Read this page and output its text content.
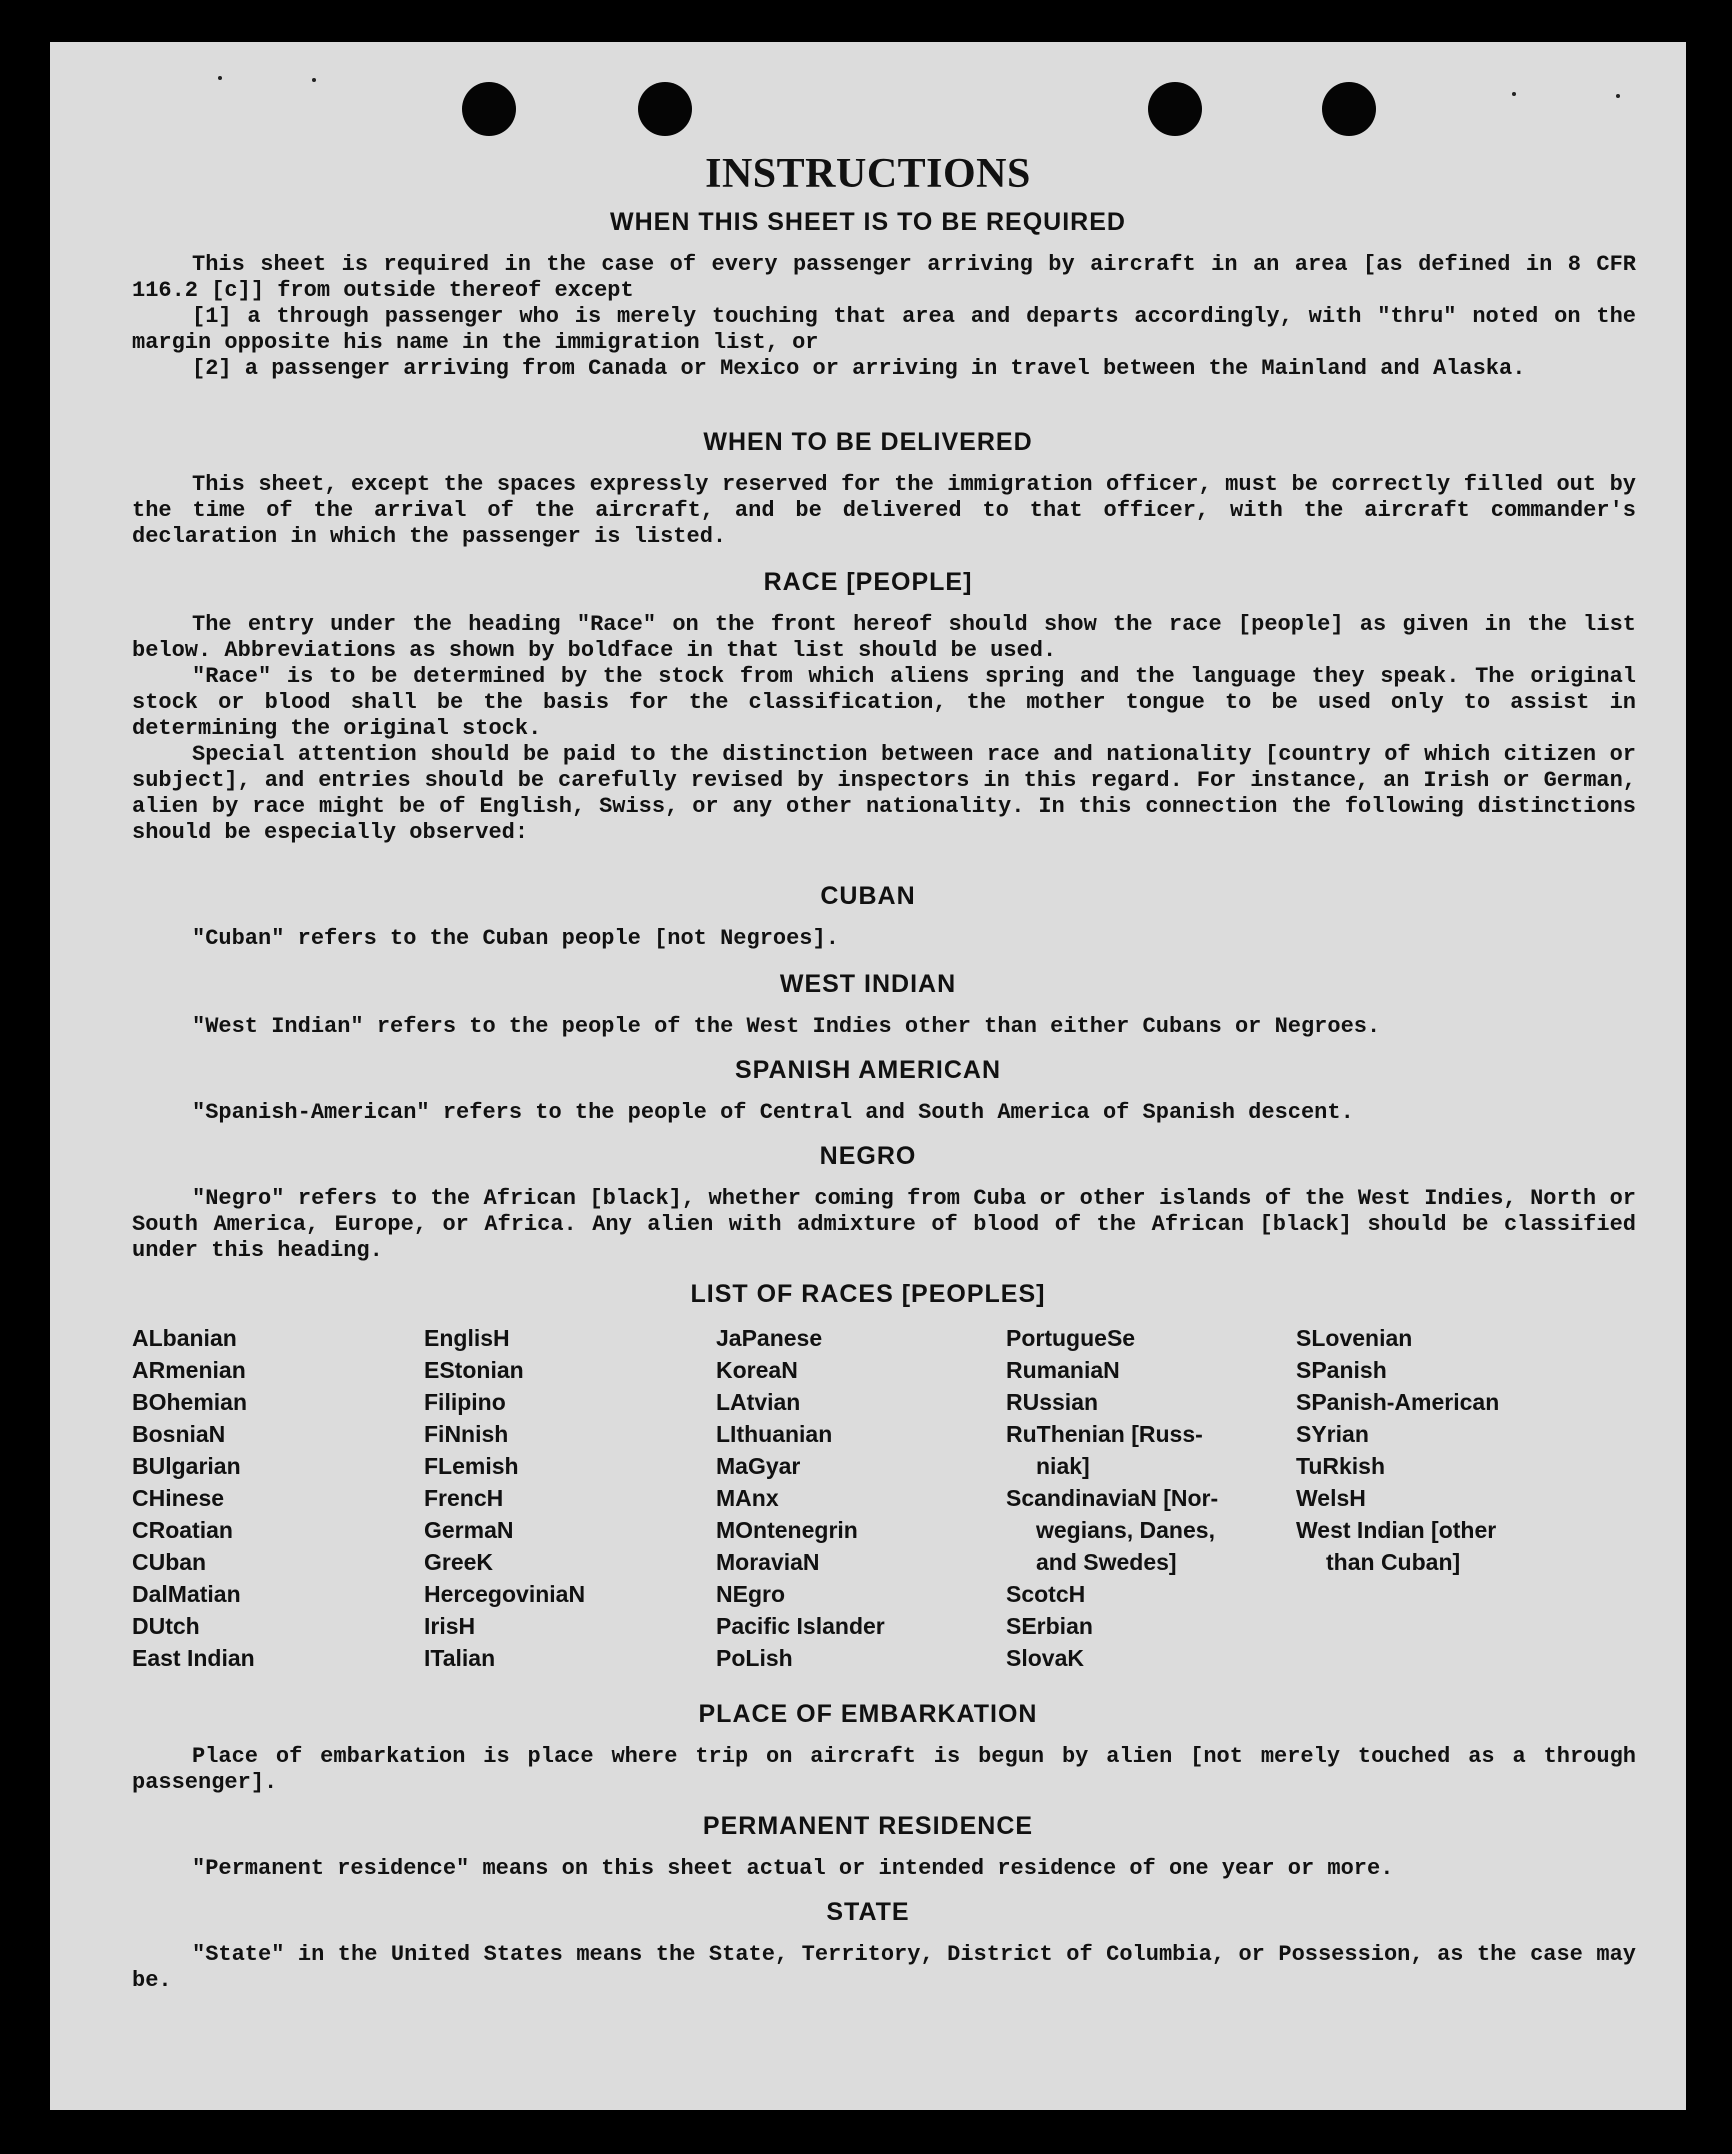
INSTRUCTIONS
WHEN THIS SHEET IS TO BE REQUIRED

This sheet is required in the case of every passenger arriving by aircraft in an area [as defined in 8 CFR 116.2 [c]] from outside thereof except

[1] a through passenger who is merely touching that area and departs accordingly, with "thru" noted on the margin opposite his name in the immigration list, or

[2] a passenger arriving from Canada or Mexico or arriving in travel between the Mainland and Alaska.

WHEN TO BE DELIVERED

This sheet, except the spaces expressly reserved for the immigration officer, must be correctly filled out by the time of the arrival of the aircraft, and be delivered to that officer, with the aircraft commander's declaration in which the passenger is listed.

RACE [PEOPLE]

The entry under the heading "Race" on the front hereof should show the race [people] as given in the list below. Abbreviations as shown by boldface in that list should be used.

"Race" is to be determined by the stock from which aliens spring and the language they speak. The original stock or blood shall be the basis for the classification, the mother tongue to be used only to assist in determining the original stock.

Special attention should be paid to the distinction between race and nationality [country of which citizen or subject], and entries should be carefully revised by inspectors in this regard. For instance, an Irish or German, alien by race might be of English, Swiss, or any other nationality. In this connection the following distinctions should be especially observed:

CUBAN

"Cuban" refers to the Cuban people [not Negroes].

WEST INDIAN

"West Indian" refers to the people of the West Indies other than either Cubans or Negroes.

SPANISH AMERICAN

"Spanish-American" refers to the people of Central and South America of Spanish descent.

NEGRO

"Negro" refers to the African [black], whether coming from Cuba or other islands of the West Indies, North or South America, Europe, or Africa. Any alien with admixture of blood of the African [black] should be classified under this heading.

LIST OF RACES [PEOPLES]
ALbanian
ARmenian
BOhemian
BosniaN
BUlgarian
CHinese
CRoatian
CUban
DalMatian
DUtch
East Indian
EnglisH
EStonian
Filipino
FiNnish
FLemish
FrencH
GermaN
GreeK
HercegovinіaN
IrisH
ITalian
JaPanese
KoreaN
LAtvian
LIthuanian
MaGyar
MAnx
MOntenegrin
MoraviaN
NEgro
Pacific Islander
PoLish
PortugueSe
RumaniaN
RUssian
RuThenian [Russ-
niak]
ScandinaviaN [Nor-
wegians, Danes,
and Swedes]
ScotcH
SErbian
SlovaK
SLovenian
SPanish
SPanish-American
SYrian
TuRkish
WelsH
West Indian [other
than Cuban]
PLACE OF EMBARKATION

Place of embarkation is place where trip on aircraft is begun by alien [not merely touched as a through passenger].

PERMANENT RESIDENCE

"Permanent residence" means on this sheet actual or intended residence of one year or more.

STATE

"State" in the United States means the State, Territory, District of Columbia, or Possession, as the case may be.
